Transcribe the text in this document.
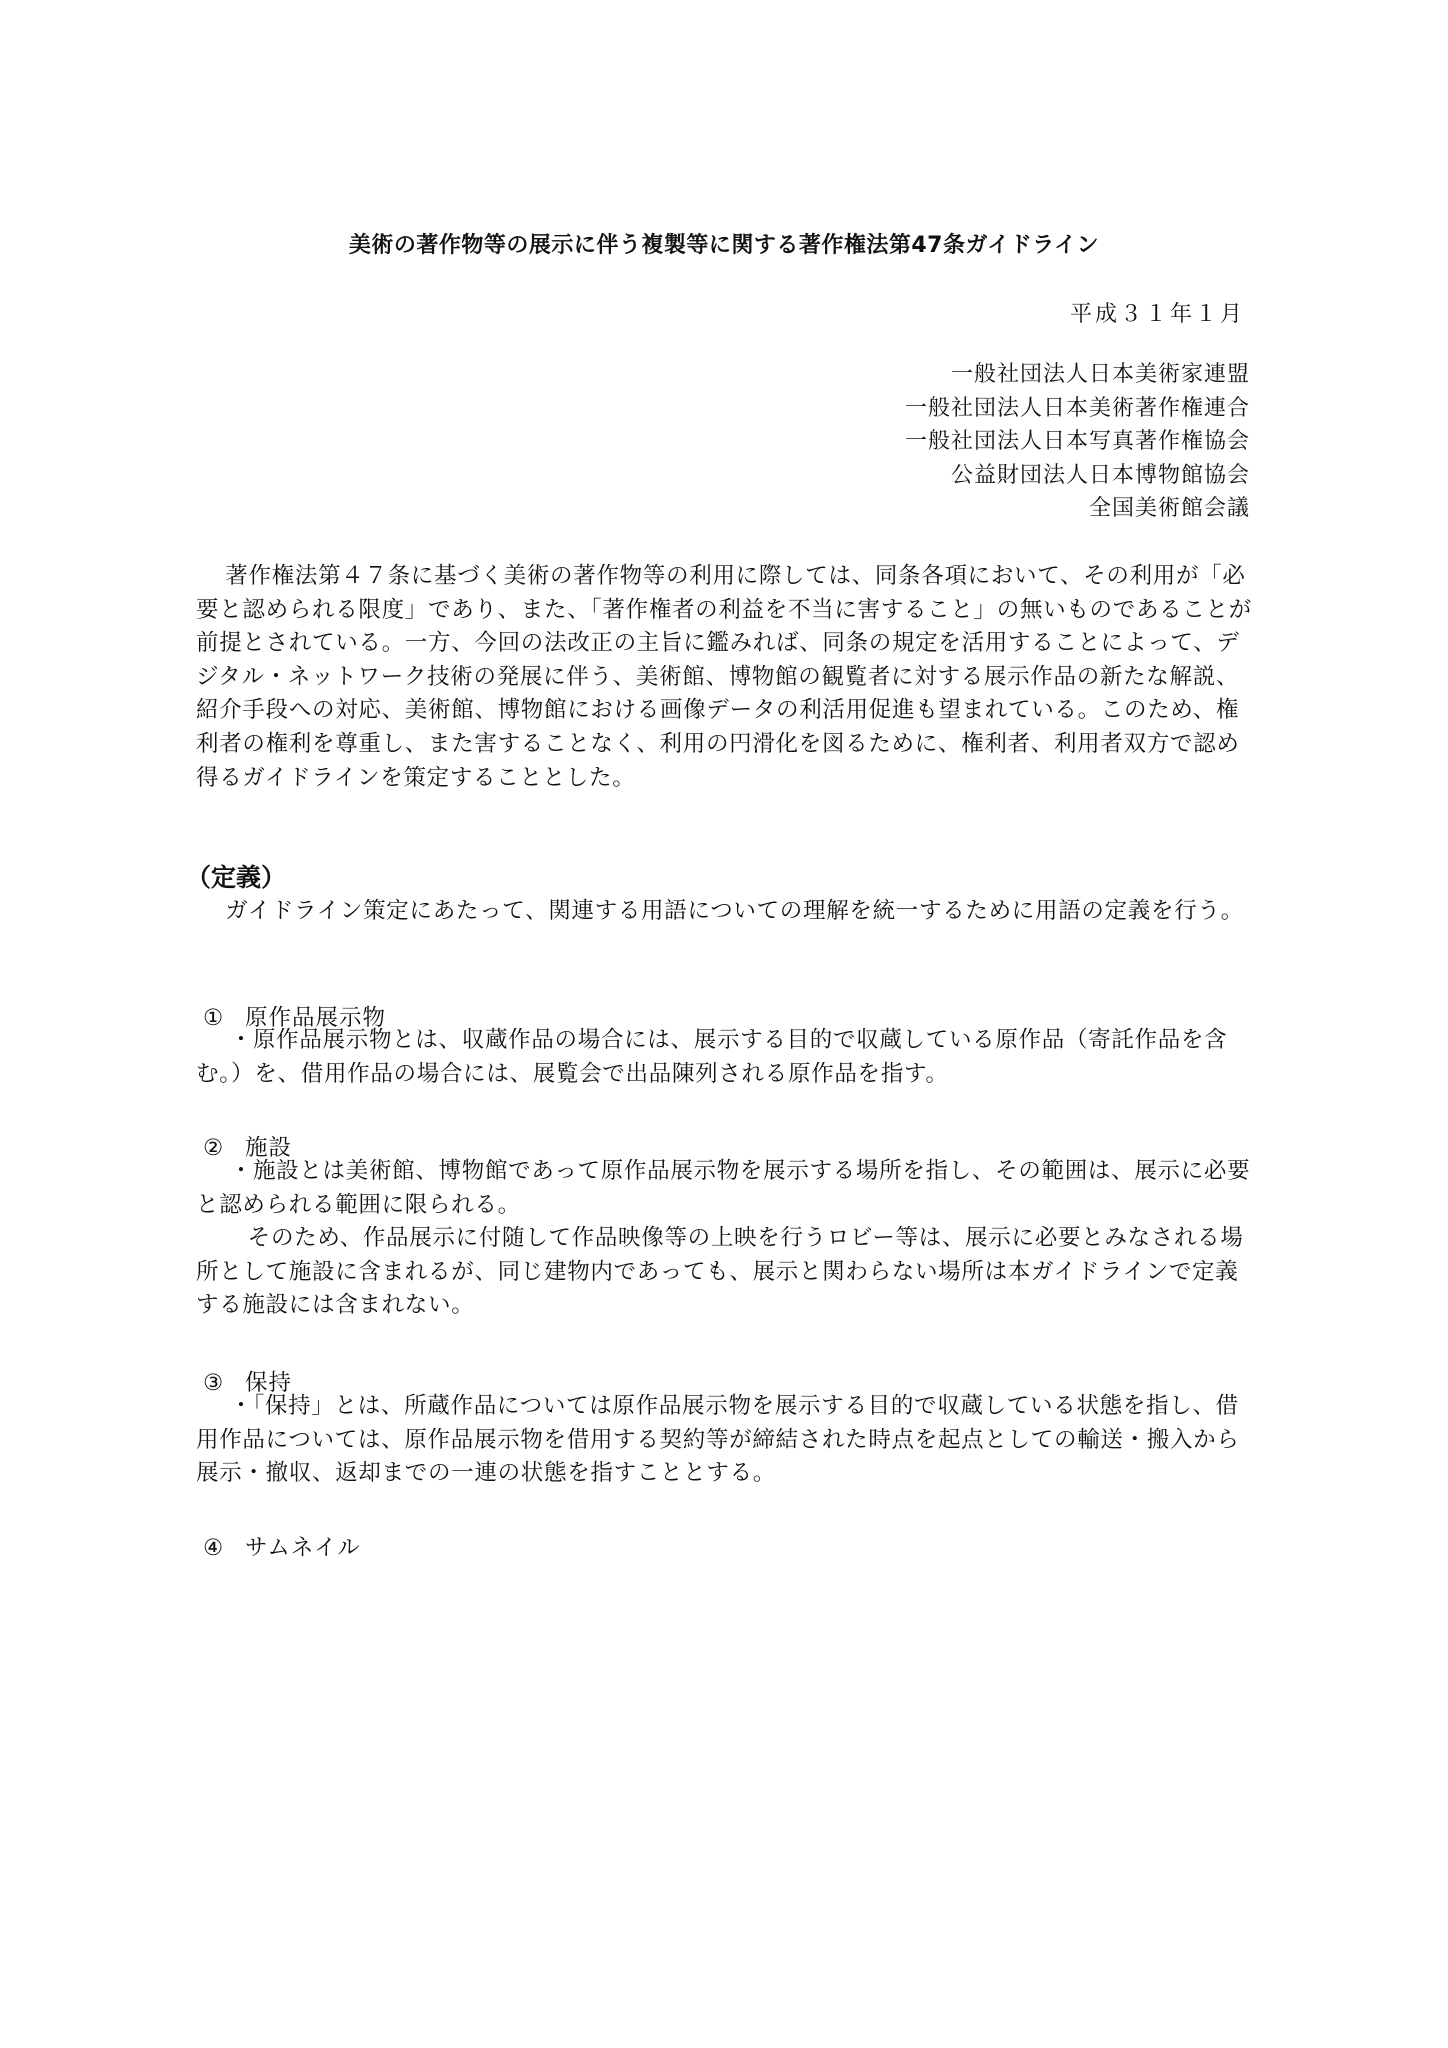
美術の著作物等の展示に伴う複製等に関する著作権法第47条ガイドライン
平成３１年１月
一般社団法人日本美術家連盟
一般社団法人日本美術著作権連合
一般社団法人日本写真著作権協会
公益財団法人日本博物館協会
全国美術館会議

著作権法第４７条に基づく美術の著作物等の利用に際しては、同条各項において、その利用が「必要と認められる限度」であり、また、「著作権者の利益を不当に害すること」の無いものであることが前提とされている。一方、今回の法改正の主旨に鑑みれば、同条の規定を活用することによって、デジタル・ネットワーク技術の発展に伴う、美術館、博物館の観覧者に対する展示作品の新たな解説、紹介手段への対応、美術館、博物館における画像データの利活用促進も望まれている。このため、権利者の権利を尊重し、また害することなく、利用の円滑化を図るために、権利者、利用者双方で認め得るガイドラインを策定することとした。

（定義）
ガイドライン策定にあたって、関連する用語についての理解を統一するために用語の定義を行う。
① 原作品展示物

・原作品展示物とは、収蔵作品の場合には、展示する目的で収蔵している原作品（寄託作品を含む。）を、借用作品の場合には、展覧会で出品陳列される原作品を指す。

② 施設

・施設とは美術館、博物館であって原作品展示物を展示する場所を指し、その範囲は、展示に必要と認められる範囲に限られる。

そのため、作品展示に付随して作品映像等の上映を行うロビー等は、展示に必要とみなされる場所として施設に含まれるが、同じ建物内であっても、展示と関わらない場所は本ガイドラインで定義する施設には含まれない。

③ 保持

・「保持」とは、所蔵作品については原作品展示物を展示する目的で収蔵している状態を指し、借用作品については、原作品展示物を借用する契約等が締結された時点を起点としての輸送・搬入から展示・撤収、返却までの一連の状態を指すこととする。

④ サムネイル
